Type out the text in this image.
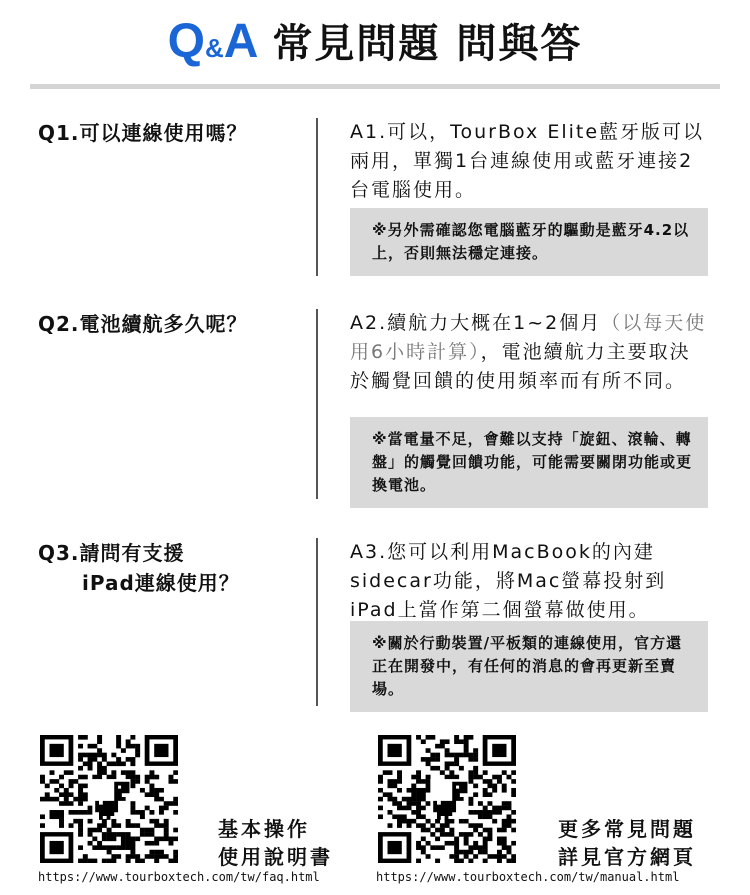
Q&A 常見問題 問與答
Q1.可以連線使用嗎？	A1.可以，TourBox Elite藍牙版可以兩用，單獨1台連線使用或藍牙連接2台電腦使用。
※另外需確認您電腦藍牙的驅動是藍牙4.2以上，否則無法穩定連接。
Q2.電池續航多久呢？	A2.續航力大概在1~2個月（以每天使用6小時計算），電池續航力主要取決於觸覺回饋的使用頻率而有所不同。
※當電量不足，會難以支持「旋鈕、滾輪、轉盤」的觸覺回饋功能，可能需要關閉功能或更換電池。
Q3.請問有支援
iPad連線使用？
A3.您可以利用MacBook的內建sidecar功能，將Mac螢幕投射到iPad上當作第二個螢幕做使用。
※關於行動裝置/平板類的連線使用，官方還正在開發中，有任何的消息的會再更新至賣場。
基本操作
使用說明書
https://www.tourboxtech.com/tw/faq.html
更多常見問題
詳見官方網頁
https://www.tourboxtech.com/tw/manual.html
